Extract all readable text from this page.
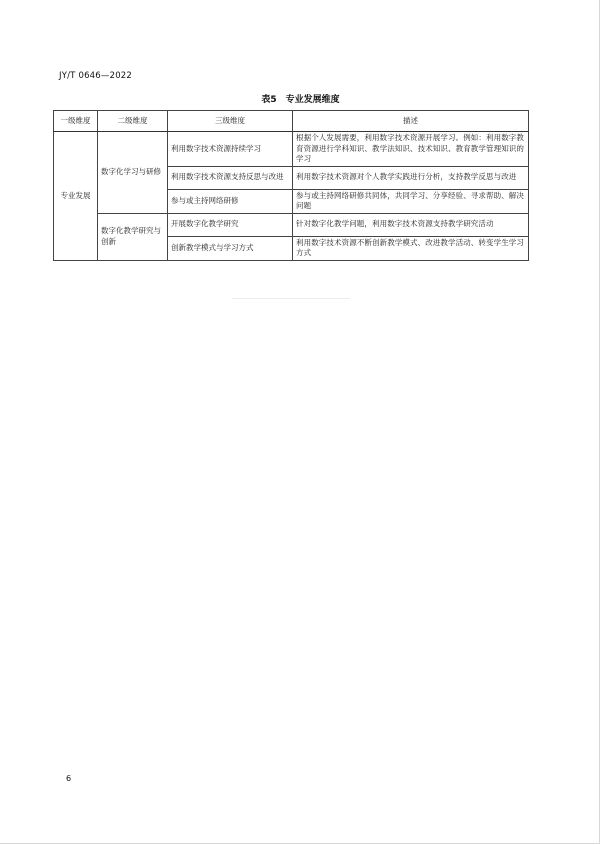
JY/T 0646—2022
表5　专业发展维度
一级维度	二级维度	三级维度	描述
专业发展	数字化学习与研修	利用数字技术资源持续学习	根据个人发展需要，利用数字技术资源开展学习。例如：利用数字教育资源进行学科知识、教学法知识、技术知识、教育教学管理知识的学习
		利用数字技术资源支持反思与改进	利用数字技术资源对个人教学实践进行分析，支持教学反思与改进
		参与或主持网络研修	参与或主持网络研修共同体，共同学习、分享经验、寻求帮助、解决问题
	数字化教学研究与创新	开展数字化教学研究	针对数字化教学问题，利用数字技术资源支持教学研究活动
		创新教学模式与学习方式	利用数字技术资源不断创新教学模式、改进教学活动、转变学生学习方式
6
